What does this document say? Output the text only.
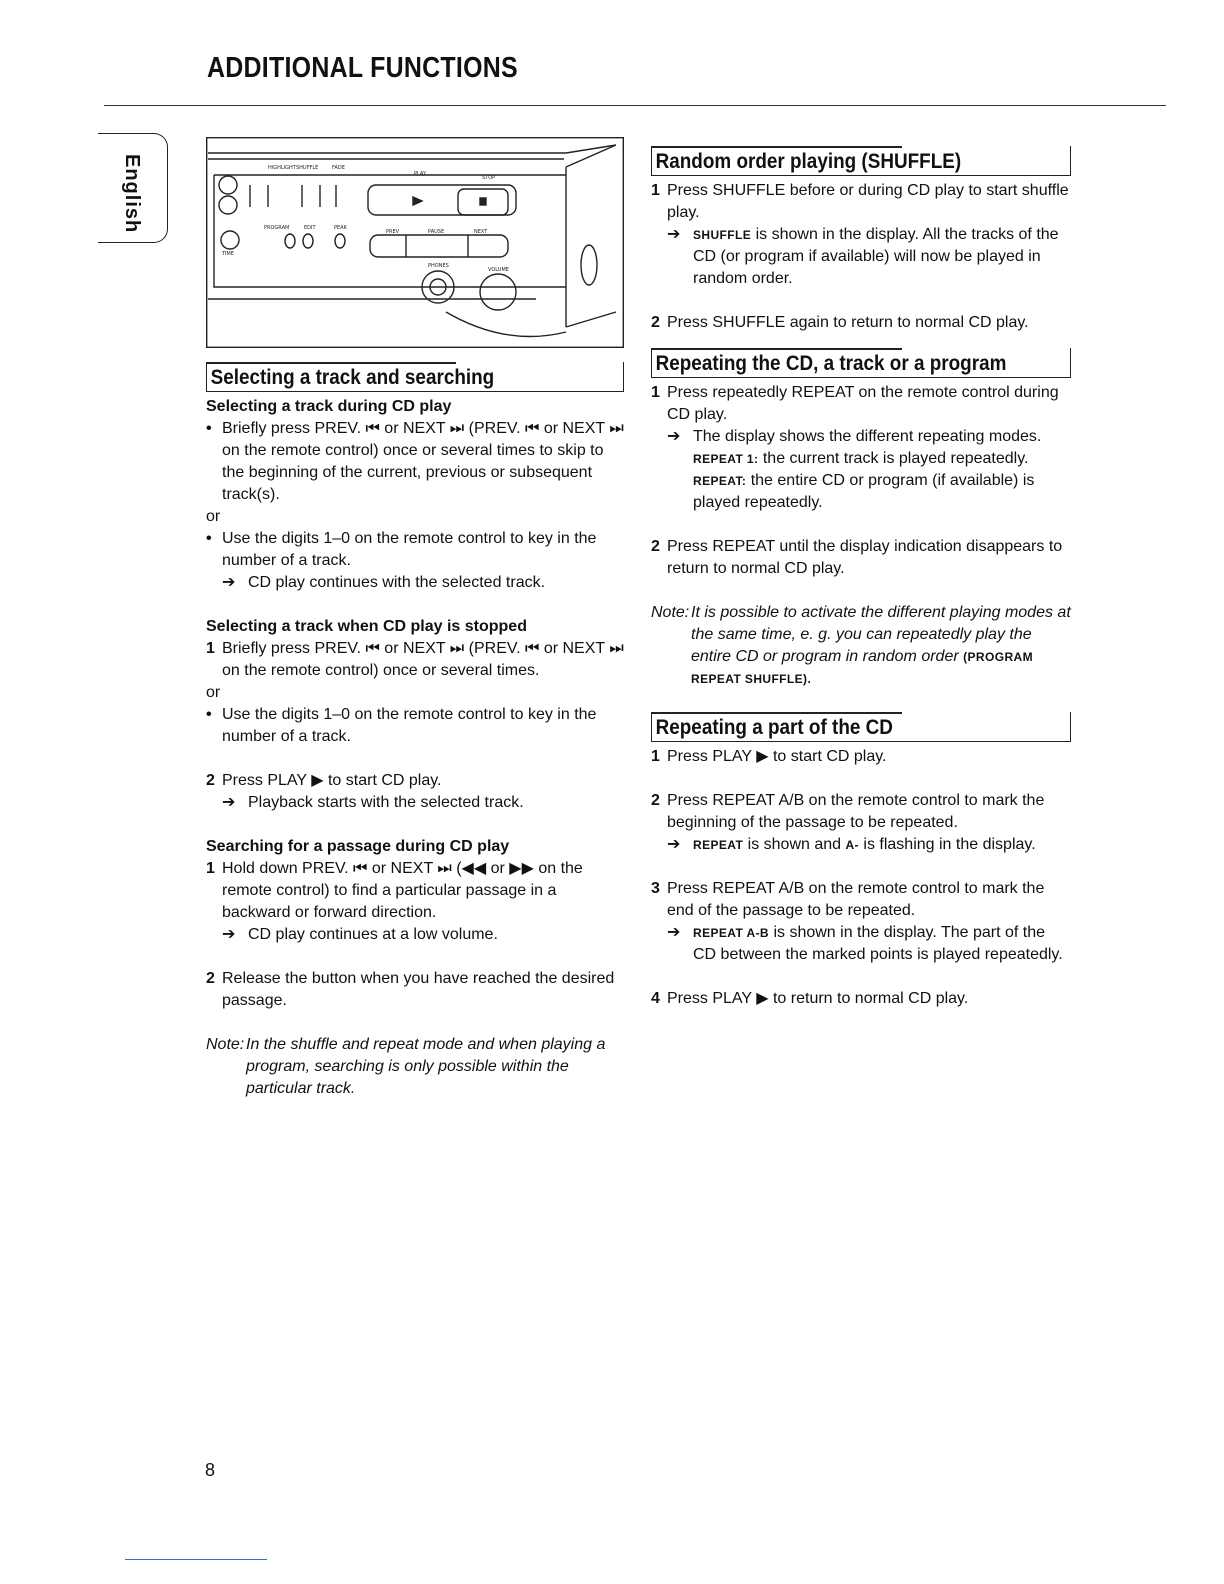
ADDITIONAL FUNCTIONS
English	HIGHLIGHT SHUFFLE	FADE
PLAY
STOP
PROGRAM	EDIT	PEAK
PREV	PAUSE	NEXT
PHONES
VOLUME
TIME
Selecting a track and searching

Selecting a track during CD play

• Briefly press PREV. ⏮ or NEXT ⏭ (PREV. ⏮ or NEXT ⏭ on the remote control) once or several times to skip to the beginning of the current, previous or subsequent track(s).

or

• Use the digits 1–0 on the remote control to key in the number of a track.

➔ CD play continues with the selected track.

Selecting a track when CD play is stopped

1 Briefly press PREV. ⏮ or NEXT ⏭ (PREV. ⏮ or NEXT ⏭ on the remote control) once or several times.

or

• Use the digits 1–0 on the remote control to key in the number of a track.

2 Press PLAY ▶ to start CD play.

➔ Playback starts with the selected track.

Searching for a passage during CD play

1 Hold down PREV. ⏮ or NEXT ⏭ (◀◀ or ▶▶ on the remote control) to find a particular passage in a backward or forward direction.

➔ CD play continues at a low volume.

2 Release the button when you have reached the desired passage.

Note: In the shuffle and repeat mode and when playing a program, searching is only possible within the particular track.

Random order playing (SHUFFLE)

1 Press SHUFFLE before or during CD play to start shuffle play.

➔ SHUFFLE is shown in the display. All the tracks of the CD (or program if available) will now be played in random order.

2 Press SHUFFLE again to return to normal CD play.

Repeating the CD, a track or a program

1 Press repeatedly REPEAT on the remote control during CD play.

➔ The display shows the different repeating modes.

REPEAT 1: the current track is played repeatedly.

REPEAT: the entire CD or program (if available) is played repeatedly.

2 Press REPEAT until the display indication disappears to return to normal CD play.

Note: It is possible to activate the different playing modes at the same time, e. g. you can repeatedly play the entire CD or program in random order (PROGRAM REPEAT SHUFFLE).

Repeating a part of the CD

1 Press PLAY ▶ to start CD play.

2 Press REPEAT A/B on the remote control to mark the beginning of the passage to be repeated.

➔ REPEAT is shown and A- is flashing in the display.

3 Press REPEAT A/B on the remote control to mark the end of the passage to be repeated.

➔ REPEAT A-B is shown in the display. The part of the CD between the marked points is played repeatedly.

4 Press PLAY ▶ to return to normal CD play.

8
